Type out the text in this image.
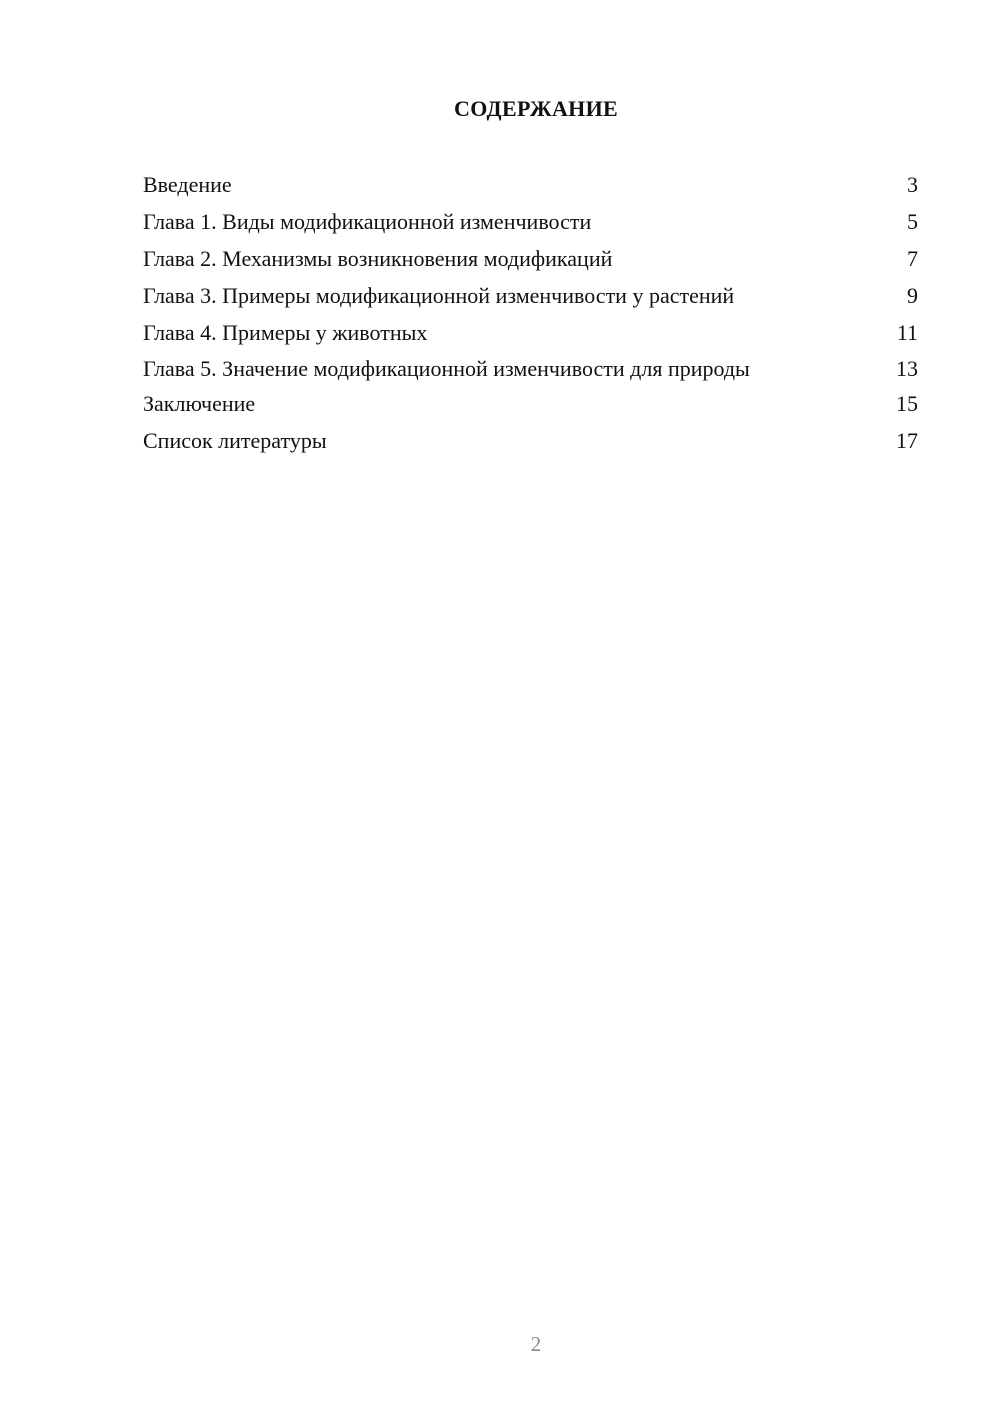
СОДЕРЖАНИЕ
Введение	3
Глава 1. Виды модификационной изменчивости	5
Глава 2. Механизмы возникновения модификаций	7
Глава 3. Примеры модификационной изменчивости у растений	9
Глава 4. Примеры у животных	11
Глава 5. Значение модификационной изменчивости для природы	13
Заключение	15
Список литературы	17
2
